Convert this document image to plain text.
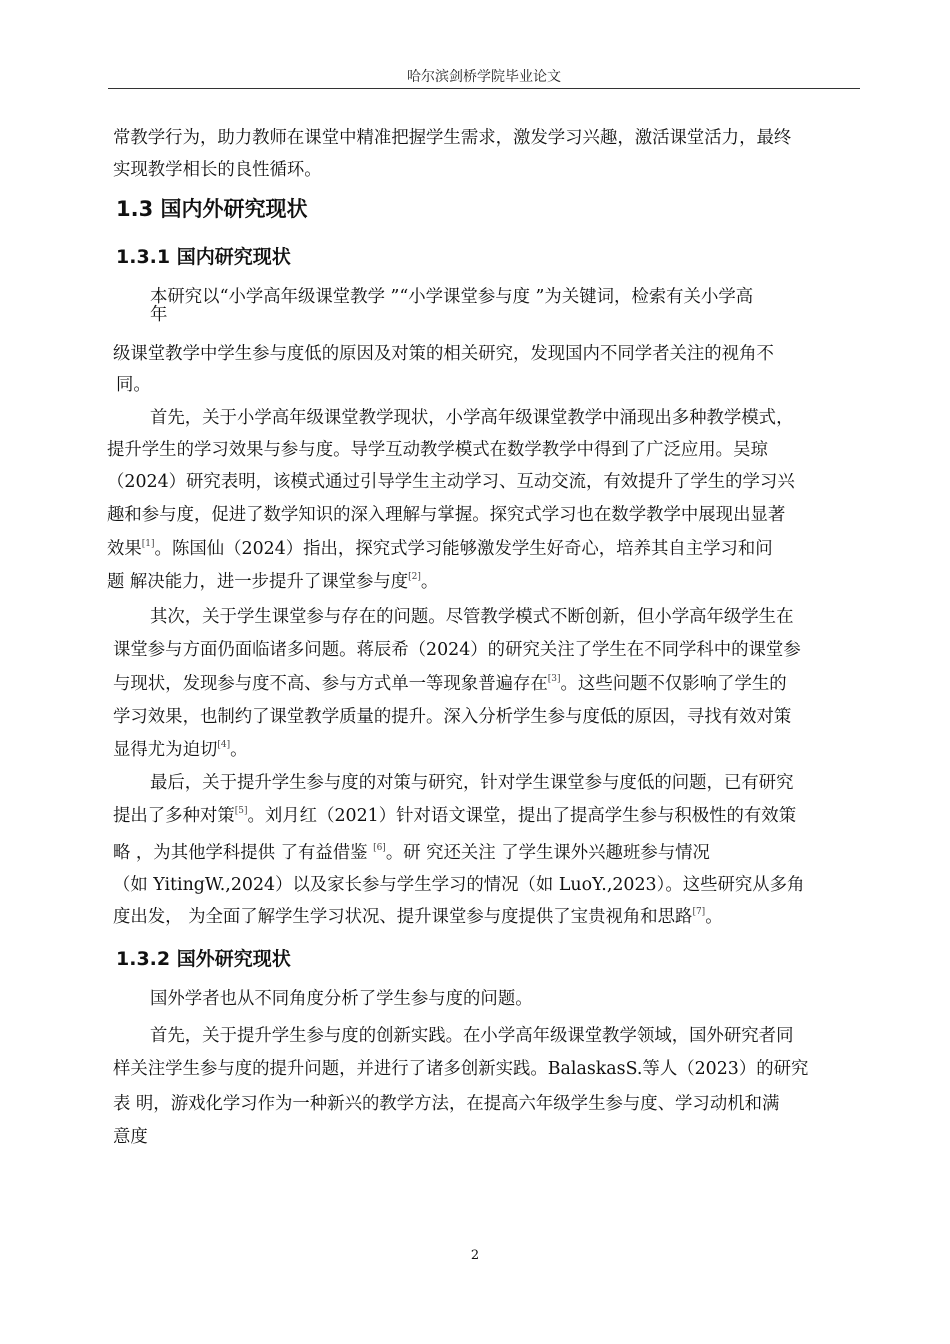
哈尔滨剑桥学院毕业论文
常教学行为，助力教师在课堂中精准把握学生需求，激发学习兴趣，激活课堂活力，最终
实现教学相长的良性循环。
1.3 国内外研究现状
1.3.1 国内研究现状
本研究以“小学高年级课堂教学 ”“小学课堂参与度 ”为关键词，检索有关小学高
年
级课堂教学中学生参与度低的原因及对策的相关研究，发现国内不同学者关注的视角不
同。
首先，关于小学高年级课堂教学现状，小学高年级课堂教学中涌现出多种教学模式，
提升学生的学习效果与参与度。导学互动教学模式在数学教学中得到了广泛应用。吴琼
（2024）研究表明，该模式通过引导学生主动学习、互动交流，有效提升了学生的学习兴
趣和参与度，促进了数学知识的深入理解与掌握。探究式学习也在数学教学中展现出显著
效果[1]。陈国仙（2024）指出，探究式学习能够激发学生好奇心，培养其自主学习和问
题 解决能力，进一步提升了课堂参与度[2]。
其次，关于学生课堂参与存在的问题。尽管教学模式不断创新，但小学高年级学生在
课堂参与方面仍面临诸多问题。蒋辰希（2024）的研究关注了学生在不同学科中的课堂参
与现状，发现参与度不高、参与方式单一等现象普遍存在[3]。这些问题不仅影响了学生的
学习效果，也制约了课堂教学质量的提升。深入分析学生参与度低的原因，寻找有效对策
显得尤为迫切[4]。
最后，关于提升学生参与度的对策与研究，针对学生课堂参与度低的问题，已有研究
提出了多种对策[5]。刘月红（2021）针对语文课堂，提出了提高学生参与积极性的有效策
略 ，为其他学科提供 了有益借鉴 [6]。研 究还关注 了学生课外兴趣班参与情况
（如 YitingW.,2024）以及家长参与学生学习的情况（如 LuoY.,2023）。这些研究从多角
度出发， 为全面了解学生学习状况、提升课堂参与度提供了宝贵视角和思路[7]。
1.3.2 国外研究现状
国外学者也从不同角度分析了学生参与度的问题。
首先，关于提升学生参与度的创新实践。在小学高年级课堂教学领域，国外研究者同
样关注学生参与度的提升问题，并进行了诸多创新实践。BalaskasS.等人（2023）的研究
表 明，游戏化学习作为一种新兴的教学方法，在提高六年级学生参与度、学习动机和满
意度
2
